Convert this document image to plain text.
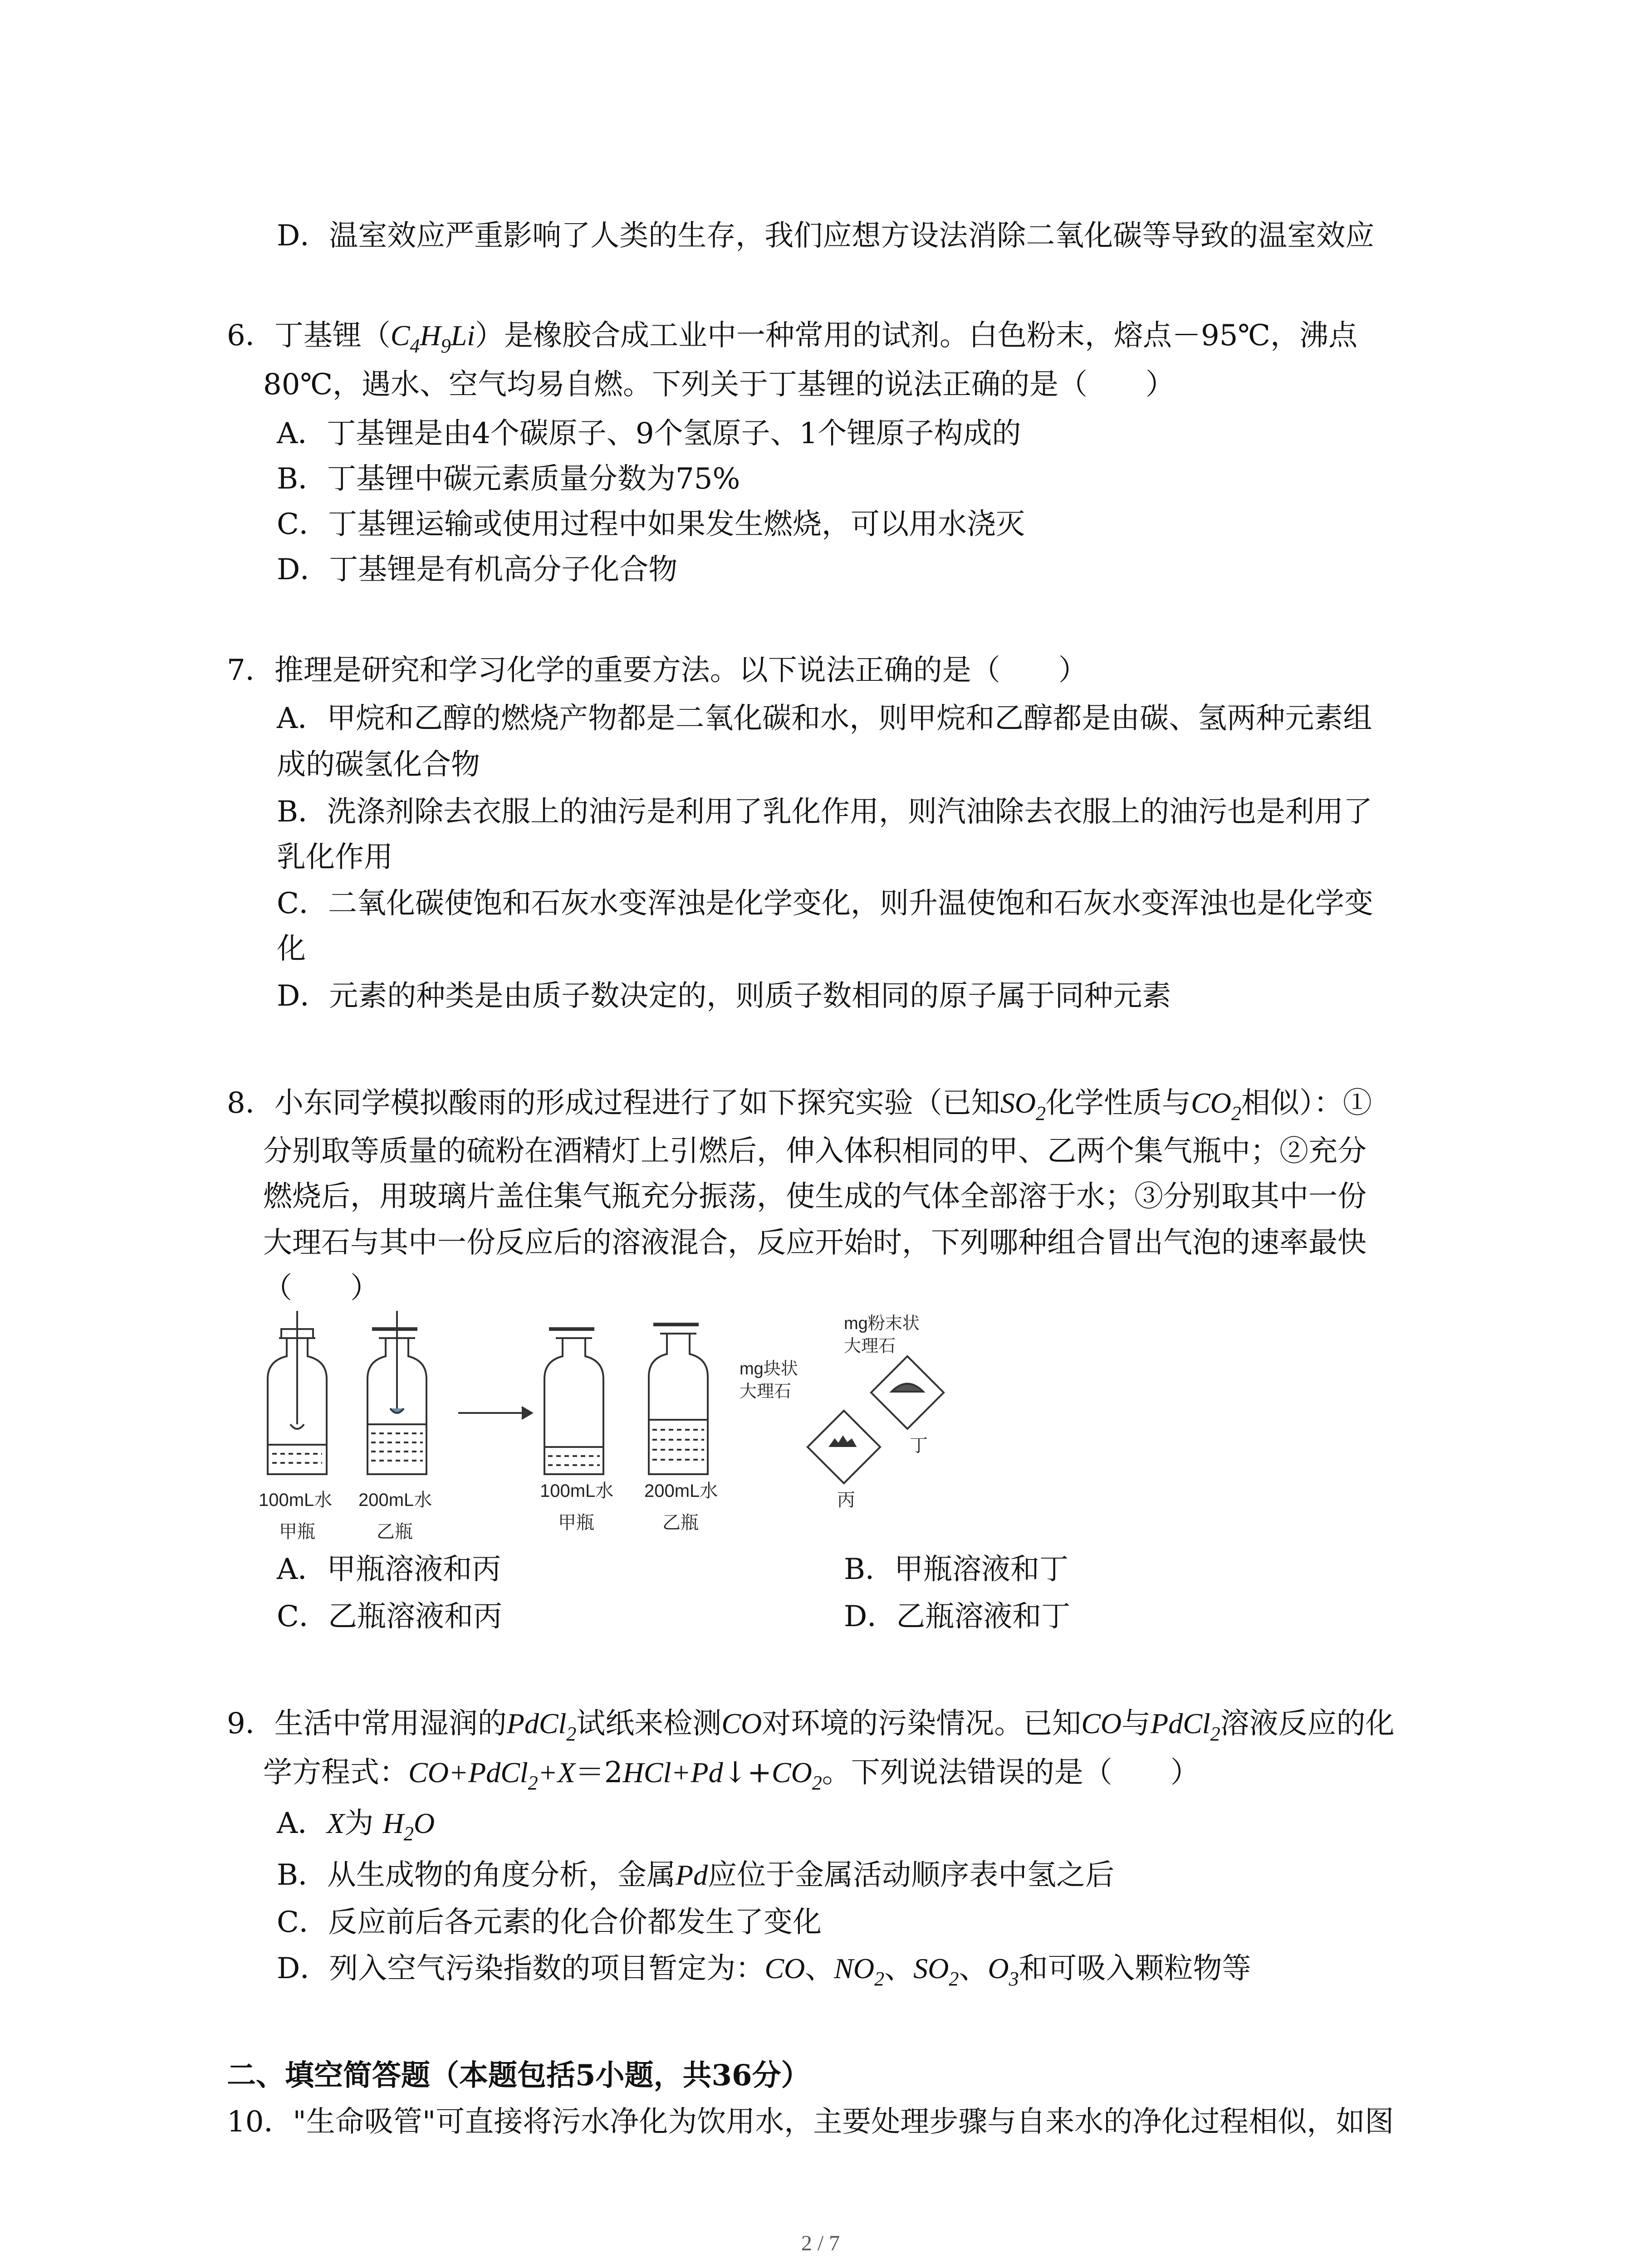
D．温室效应严重影响了人类的生存，我们应想方设法消除二氧化碳等导致的温室效应
6．丁基锂$(C_4H_9Li)$是橡胶合成工业中一种常用的试剂。白色粉末，熔点－95℃，沸点
80℃，遇水、空气均易自燃。下列关于丁基锂的说法正确的是（　　）
A．丁基锂是由4个碳原子、9个氢原子、1个锂原子构成的
B．丁基锂中碳元素质量分数为75%
C．丁基锂运输或使用过程中如果发生燃烧，可以用水浇灭
D．丁基锂是有机高分子化合物
7．推理是研究和学习化学的重要方法。以下说法正确的是（　　）
A．甲烷和乙醇的燃烧产物都是二氧化碳和水，则甲烷和乙醇都是由碳、氢两种元素组
成的碳氢化合物
B．洗涤剂除去衣服上的油污是利用了乳化作用，则汽油除去衣服上的油污也是利用了
乳化作用
C．二氧化碳使饱和石灰水变浑浊是化学变化，则升温使饱和石灰水变浑浊也是化学变
化
D．元素的种类是由质子数决定的，则质子数相同的原子属于同种元素
8．小东同学模拟酸雨的形成过程进行了如下探究实验（已知$SO_2$化学性质与$CO_2$相似）：①
分别取等质量的硫粉在酒精灯上引燃后，伸入体积相同的甲、乙两个集气瓶中；②充分
燃烧后，用玻璃片盖住集气瓶充分振荡，使生成的气体全部溶于水；③分别取其中一份
大理石与其中一份反应后的溶液混合，反应开始时，下列哪种组合冒出气泡的速率最快
（　　）
100mL水
甲瓶
200mL水
乙瓶
100mL水
甲瓶
200mL水
乙瓶
mg块状
大理石
mg粉末状
大理石
丙
丁
A．甲瓶溶液和丙	B．甲瓶溶液和丁
C．乙瓶溶液和丙	D．乙瓶溶液和丁
9．生活中常用湿润的PdCl$_2$试纸来检测CO对环境的污染情况。已知CO与PdCl$_2$溶液反应的化
学方程式：$CO+PdCl_2+X=2HCl+Pd↓+CO_2$。下列说法错误的是（　　）
A．X为 $H_2O$
B．从生成物的角度分析，金属Pd应位于金属活动顺序表中氢之后
C．反应前后各元素的化合价都发生了变化
D．列入空气污染指数的项目暂定为：CO、$NO_2$、$SO_2$、$O_3$和可吸入颗粒物等
二、填空简答题（本题包括5小题，共36分）
10．"生命吸管"可直接将污水净化为饮用水，主要处理步骤与自来水的净化过程相似，如图
2 / 7
